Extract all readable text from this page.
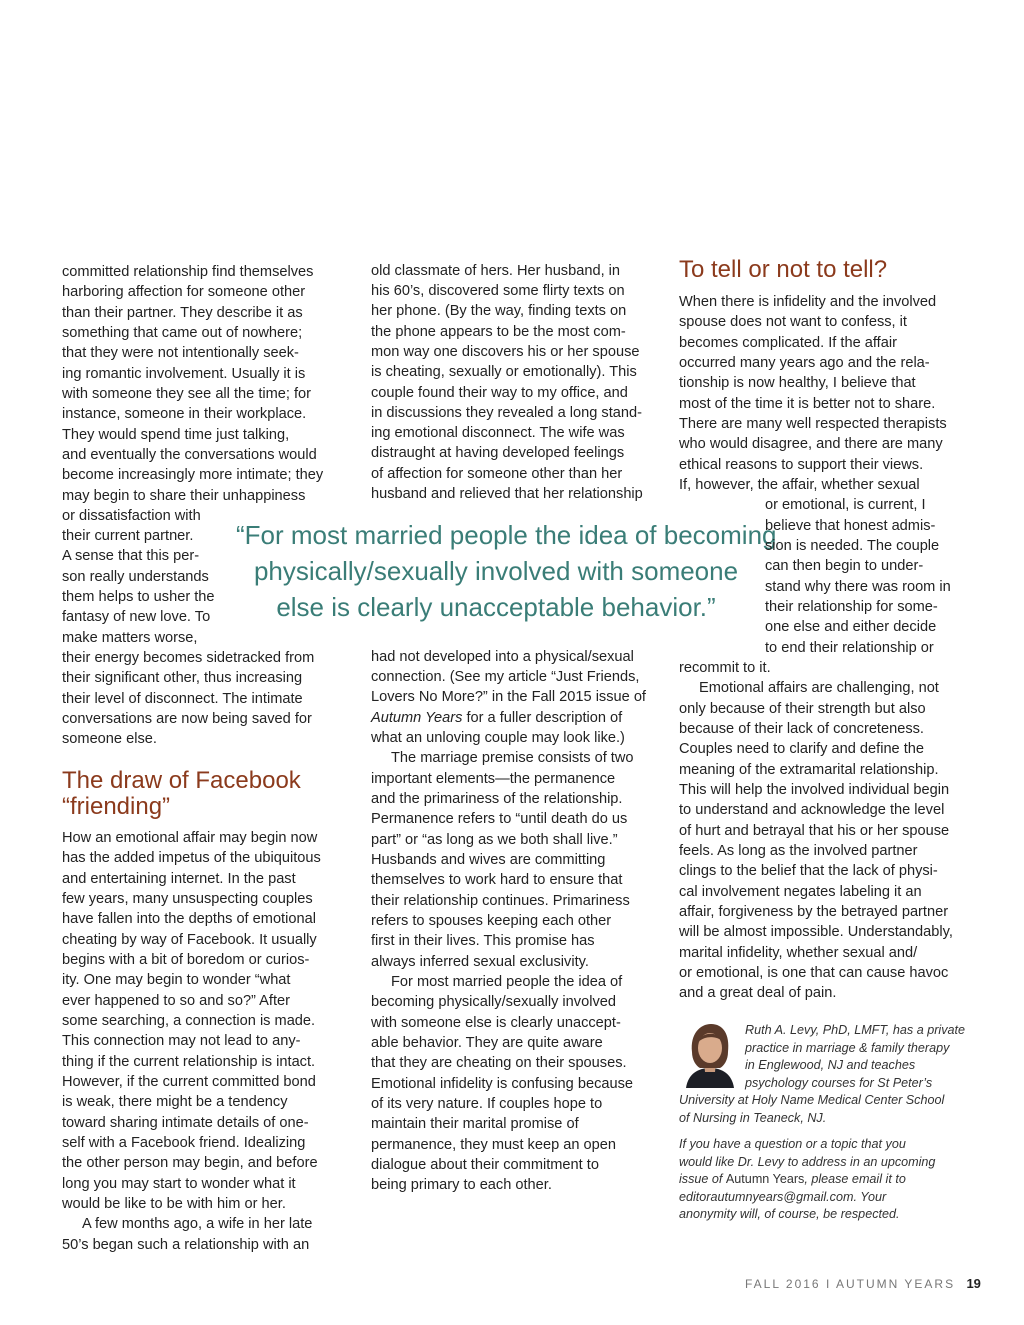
committed relationship find themselves
harboring affection for someone other
than their partner. They describe it as
something that came out of nowhere;
that they were not intentionally seek-
ing romantic involvement. Usually it is
with someone they see all the time; for
instance, someone in their workplace.
They would spend time just talking,
and eventually the conversations would
become increasingly more intimate; they
may begin to share their unhappiness
or dissatisfaction with
their current partner.
A sense that this per-
son really understands
them helps to usher the
fantasy of new love. To
make matters worse,
their energy becomes sidetracked from
their significant other, thus increasing
their level of disconnect. The intimate
conversations are now being saved for
someone else.
The draw of Facebook
“friending”
How an emotional affair may begin now
has the added impetus of the ubiquitous
and entertaining internet. In the past
few years, many unsuspecting couples
have fallen into the depths of emotional
cheating by way of Facebook. It usually
begins with a bit of boredom or curios-
ity. One may begin to wonder “what
ever happened to so and so?” After
some searching, a connection is made.
This connection may not lead to any-
thing if the current relationship is intact.
However, if the current committed bond
is weak, there might be a tendency
toward sharing intimate details of one-
self with a Facebook friend. Idealizing
the other person may begin, and before
long you may start to wonder what it
would be like to be with him or her.
A few months ago, a wife in her late
50’s began such a relationship with an
old classmate of hers. Her husband, in
his 60’s, discovered some flirty texts on
her phone. (By the way, finding texts on
the phone appears to be the most com-
mon way one discovers his or her spouse
is cheating, sexually or emotionally). This
couple found their way to my office, and
in discussions they revealed a long stand-
ing emotional disconnect. The wife was
distraught at having developed feelings
of affection for someone other than her
husband and relieved that her relationship
had not developed into a physical/sexual
connection. (See my article “Just Friends,
Lovers No More?” in the Fall 2015 issue of
Autumn Years for a fuller description of
what an unloving couple may look like.)
The marriage premise consists of two
important elements—the permanence
and the primariness of the relationship.
Permanence refers to “until death do us
part” or “as long as we both shall live.”
Husbands and wives are committing
themselves to work hard to ensure that
their relationship continues. Primariness
refers to spouses keeping each other
first in their lives. This promise has
always inferred sexual exclusivity.
For most married people the idea of
becoming physically/sexually involved
with someone else is clearly unaccept-
able behavior. They are quite aware
that they are cheating on their spouses.
Emotional infidelity is confusing because
of its very nature. If couples hope to
maintain their marital promise of
permanence, they must keep an open
dialogue about their commitment to
being primary to each other.
“For most married people the idea of becoming
physically/sexually involved with someone
else is clearly unacceptable behavior.”
To tell or not to tell?
When there is infidelity and the involved
spouse does not want to confess, it
becomes complicated. If the affair
occurred many years ago and the rela-
tionship is now healthy, I believe that
most of the time it is better not to share.
There are many well respected therapists
who would disagree, and there are many
ethical reasons to support their views.
If, however, the affair, whether sexual
or emotional, is current, I
believe that honest admis-
sion is needed. The couple
can then begin to under-
stand why there was room in
their relationship for some-
one else and either decide
to end their relationship or
recommit to it.
Emotional affairs are challenging, not
only because of their strength but also
because of their lack of concreteness.
Couples need to clarify and define the
meaning of the extramarital relationship.
This will help the involved individual begin
to understand and acknowledge the level
of hurt and betrayal that his or her spouse
feels. As long as the involved partner
clings to the belief that the lack of physi-
cal involvement negates labeling it an
affair, forgiveness by the betrayed partner
will be almost impossible. Understandably,
marital infidelity, whether sexual and/
or emotional, is one that can cause havoc
and a great deal of pain.
Ruth A. Levy, PhD, LMFT, has a private
practice in marriage & family therapy
in Englewood, NJ and teaches
psychology courses for St Peter’s
University at Holy Name Medical Center School
of Nursing in Teaneck, NJ.
If you have a question or a topic that you
would like Dr. Levy to address in an upcoming
issue of Autumn Years, please email it to
editorautumnyears@gmail.com. Your
anonymity will, of course, be respected.
FALL 2016 I AUTUMN YEARS 19
